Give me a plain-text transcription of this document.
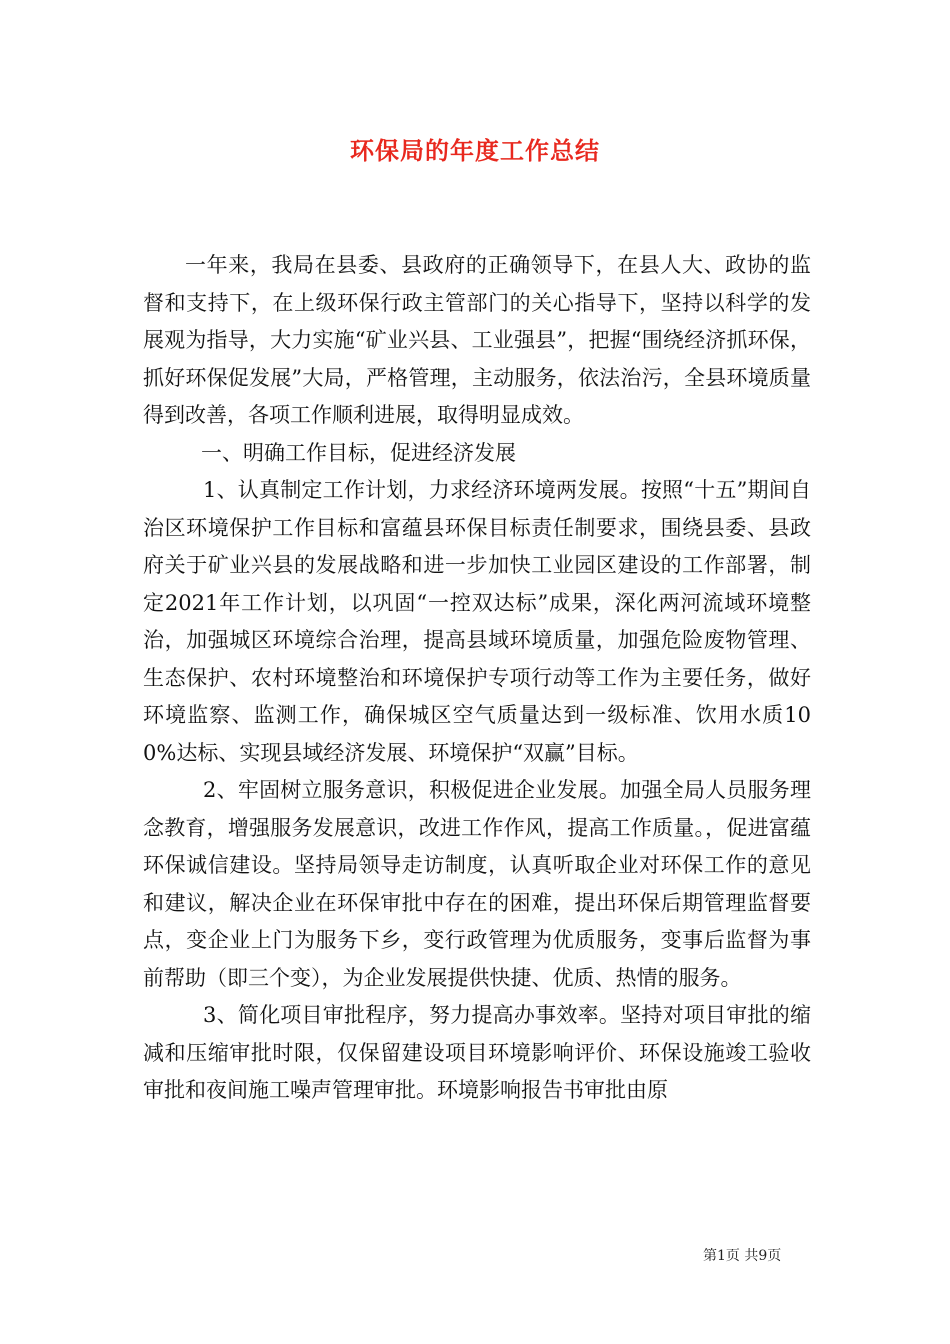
环保局的年度工作总结

一年来，我局在县委、县政府的正确领导下，在县人大、政协的监督和支持下，在上级环保行政主管部门的关心指导下，坚持以科学的发展观为指导，大力实施“矿业兴县、工业强县”，把握“围绕经济抓环保，抓好环保促发展”大局，严格管理，主动服务，依法治污，全县环境质量得到改善，各项工作顺利进展，取得明显成效。

一、明确工作目标，促进经济发展

1、认真制定工作计划，力求经济环境两发展。按照“十五”期间自治区环境保护工作目标和富蕴县环保目标责任制要求，围绕县委、县政府关于矿业兴县的发展战略和进一步加快工业园区建设的工作部署，制定2021年工作计划，以巩固“一控双达标”成果，深化两河流域环境整治，加强城区环境综合治理，提高县域环境质量，加强危险废物管理、生态保护、农村环境整治和环境保护专项行动等工作为主要任务，做好环境监察、监测工作，确保城区空气质量达到一级标准、饮用水质100%达标、实现县域经济发展、环境保护“双赢”目标。

2、牢固树立服务意识，积极促进企业发展。加强全局人员服务理念教育，增强服务发展意识，改进工作作风，提高工作质量。，促进富蕴环保诚信建设。坚持局领导走访制度，认真听取企业对环保工作的意见和建议，解决企业在环保审批中存在的困难，提出环保后期管理监督要点，变企业上门为服务下乡，变行政管理为优质服务，变事后监督为事前帮助（即三个变），为企业发展提供快捷、优质、热情的服务。

3、简化项目审批程序，努力提高办事效率。坚持对项目审批的缩减和压缩审批时限，仅保留建设项目环境影响评价、环保设施竣工验收审批和夜间施工噪声管理审批。环境影响报告书审批由原

第1页 共9页
